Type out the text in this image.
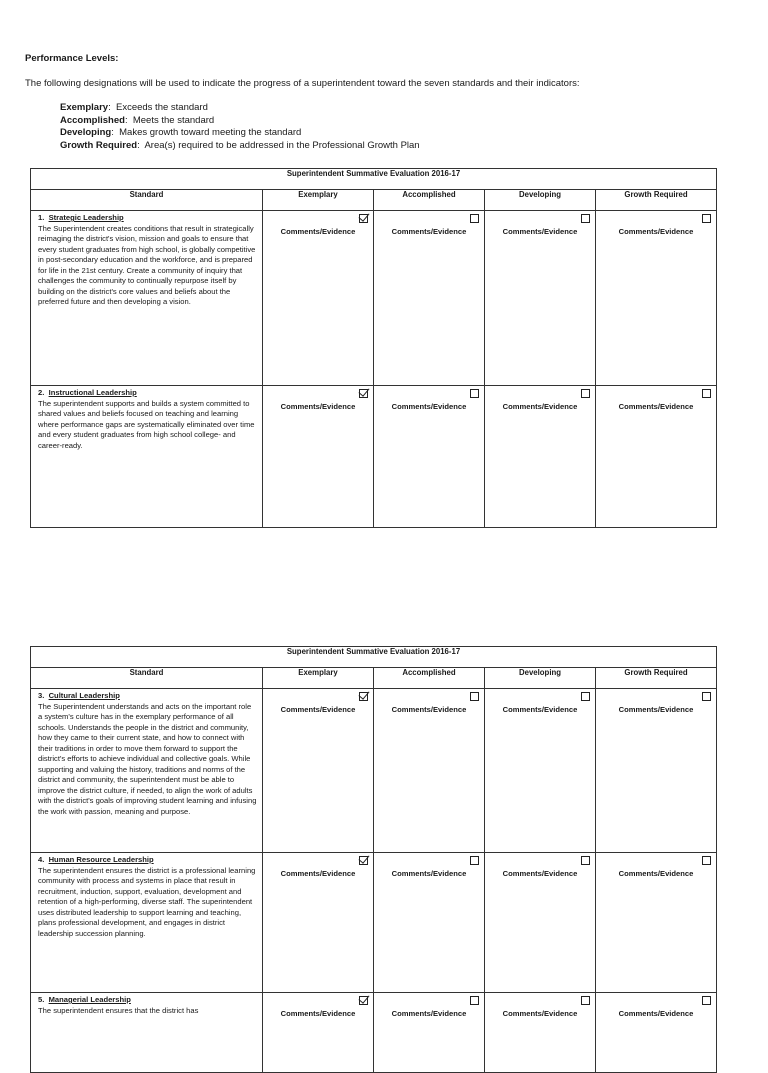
Performance Levels:
The following designations will be used to indicate the progress of a superintendent toward the seven standards and their indicators:
Exemplary:  Exceeds the standard
Accomplished:  Meets the standard
Developing:  Makes growth toward meeting the standard
Growth Required:  Area(s) required to be addressed in the Professional Growth Plan
Superintendent Summative Evaluation 2016-17				
Standard	Exemplary	Accomplished	Developing	Growth Required
1. Strategic Leadership
The Superintendent creates conditions that result in strategically reimaging the district's vision, mission and goals to ensure that every student graduates from high school, is globally competitive in post-secondary education and the workforce, and is prepared for life in the 21st century. Create a community of inquiry that challenges the community to continually repurpose itself by building on the district's core values and beliefs about the preferred future and then developing a vision.	Comments/Evidence	Comments/Evidence	Comments/Evidence	Comments/Evidence

2. Instructional Leadership
The superintendent supports and builds a system committed to shared values and beliefs focused on teaching and learning where performance gaps are systematically eliminated over time and every student graduates from high school college- and career-ready.	Comments/Evidence	Comments/Evidence	Comments/Evidence	Comments/Evidence
Superintendent Summative Evaluation 2016-17				
Standard	Exemplary	Accomplished	Developing	Growth Required
3. Cultural Leadership
The Superintendent understands and acts on the important role a system's culture has in the exemplary performance of all schools. Understands the people in the district and community, how they came to their current state, and how to connect with their traditions in order to move them forward to support the district's efforts to achieve individual and collective goals. While supporting and valuing the history, traditions and norms of the district and community, the superintendent must be able to improve the district culture, if needed, to align the work of adults with the district's goals of improving student learning and infusing the work with passion, meaning and purpose.	Comments/Evidence	Comments/Evidence	Comments/Evidence	Comments/Evidence

4. Human Resource Leadership
The superintendent ensures the district is a professional learning community with process and systems in place that result in recruitment, induction, support, evaluation, development and retention of a high-performing, diverse staff. The superintendent uses distributed leadership to support learning and teaching, plans professional development, and engages in district leadership succession planning.	Comments/Evidence	Comments/Evidence	Comments/Evidence	Comments/Evidence

5. Managerial Leadership
The superintendent ensures that the district has	Comments/Evidence	Comments/Evidence	Comments/Evidence	Comments/Evidence
